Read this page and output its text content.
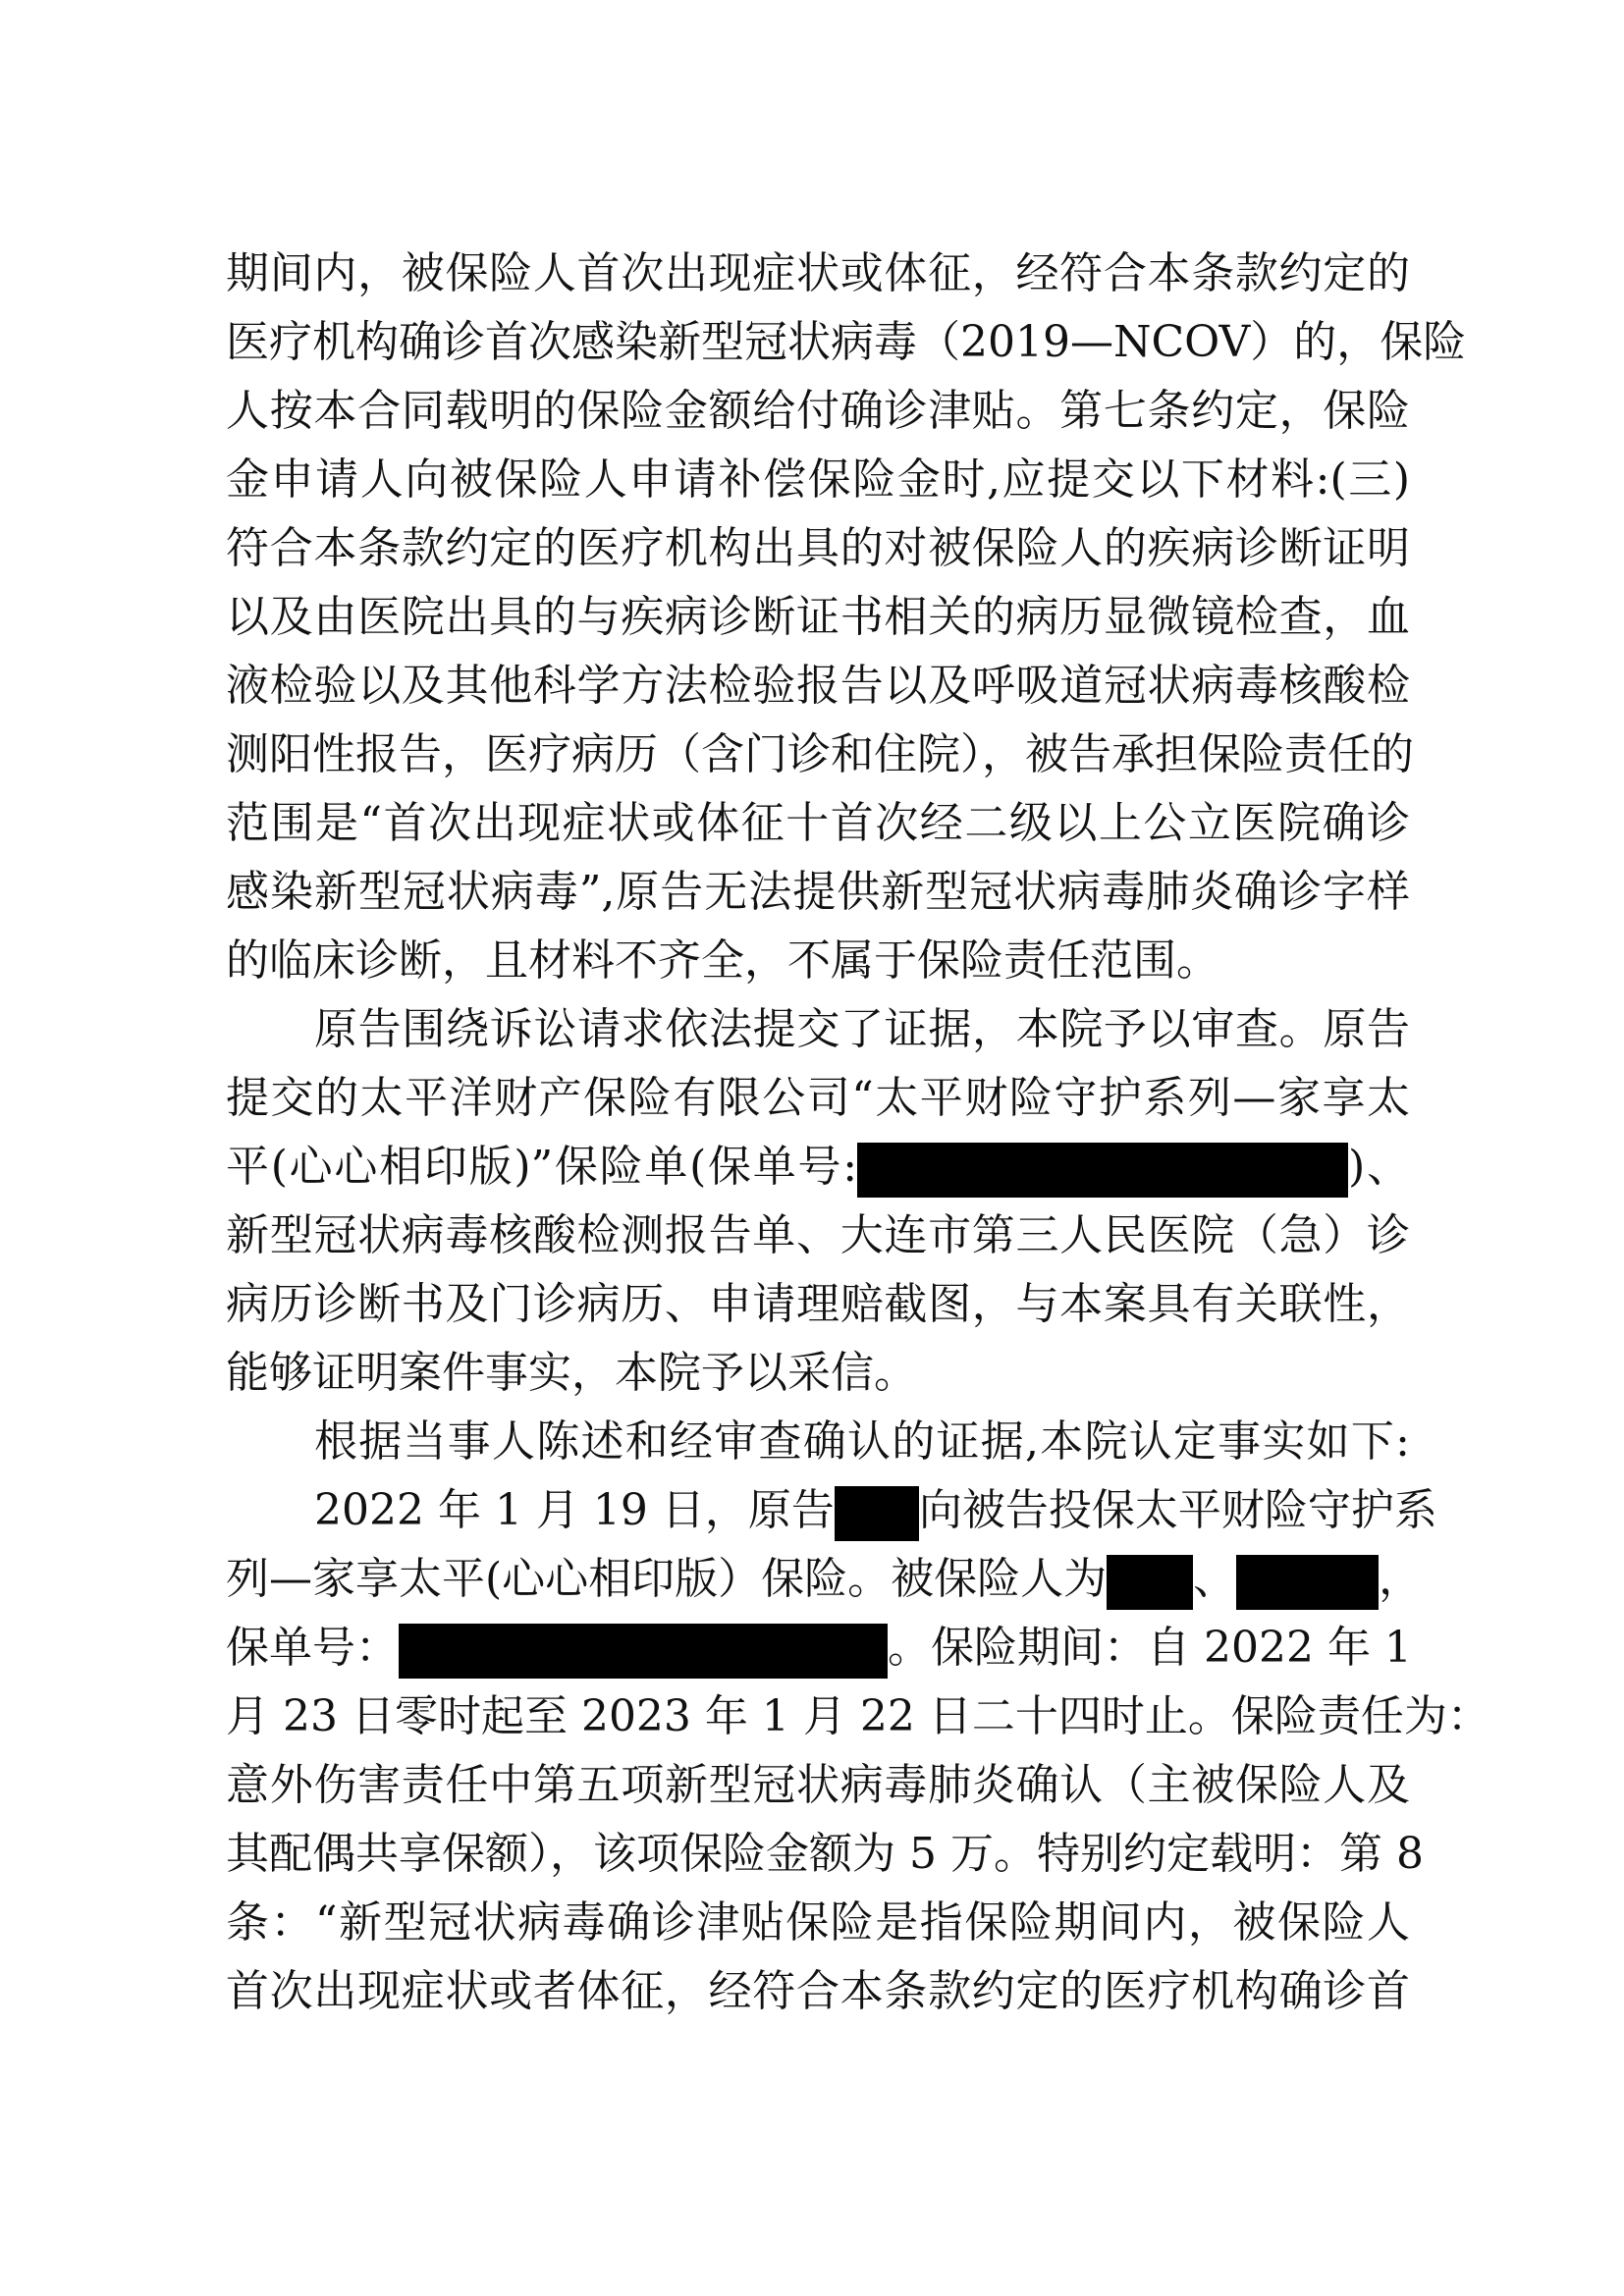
期间内，被保险人首次出现症状或体征，经符合本条款约定的
医疗机构确诊首次感染新型冠状病毒（2019—NCOV）的，保险
人按本合同载明的保险金额给付确诊津贴。第七条约定，保险
金申请人向被保险人申请补偿保险金时,应提交以下材料:(三)
符合本条款约定的医疗机构出具的对被保险人的疾病诊断证明
以及由医院出具的与疾病诊断证书相关的病历显微镜检查，血
液检验以及其他科学方法检验报告以及呼吸道冠状病毒核酸检
测阳性报告，医疗病历（含门诊和住院），被告承担保险责任的
范围是“首次出现症状或体征十首次经二级以上公立医院确诊
感染新型冠状病毒”,原告无法提供新型冠状病毒肺炎确诊字样
的临床诊断，且材料不齐全，不属于保险责任范围。
原告围绕诉讼请求依法提交了证据，本院予以审查。原告
提交的太平洋财产保险有限公司“太平财险守护系列—家享太
平(心心相印版)”保险单(保单号:	)、
新型冠状病毒核酸检测报告单、大连市第三人民医院（急）诊
病历诊断书及门诊病历、申请理赔截图，与本案具有关联性，
能够证明案件事实，本院予以采信。
根据当事人陈述和经审查确认的证据,本院认定事实如下:
2022 年 1 月 19 日，原告 向被告投保太平财险守护系
列—家享太平(心心相印版）保险。被保险人为 、	，
保单号：	。保险期间：自 2022 年 1
月 23 日零时起至 2023 年 1 月 22 日二十四时止。保险责任为：
意外伤害责任中第五项新型冠状病毒肺炎确认（主被保险人及
其配偶共享保额），该项保险金额为 5 万。特别约定载明：第 8
条：“新型冠状病毒确诊津贴保险是指保险期间内，被保险人
首次出现症状或者体征，经符合本条款约定的医疗机构确诊首
